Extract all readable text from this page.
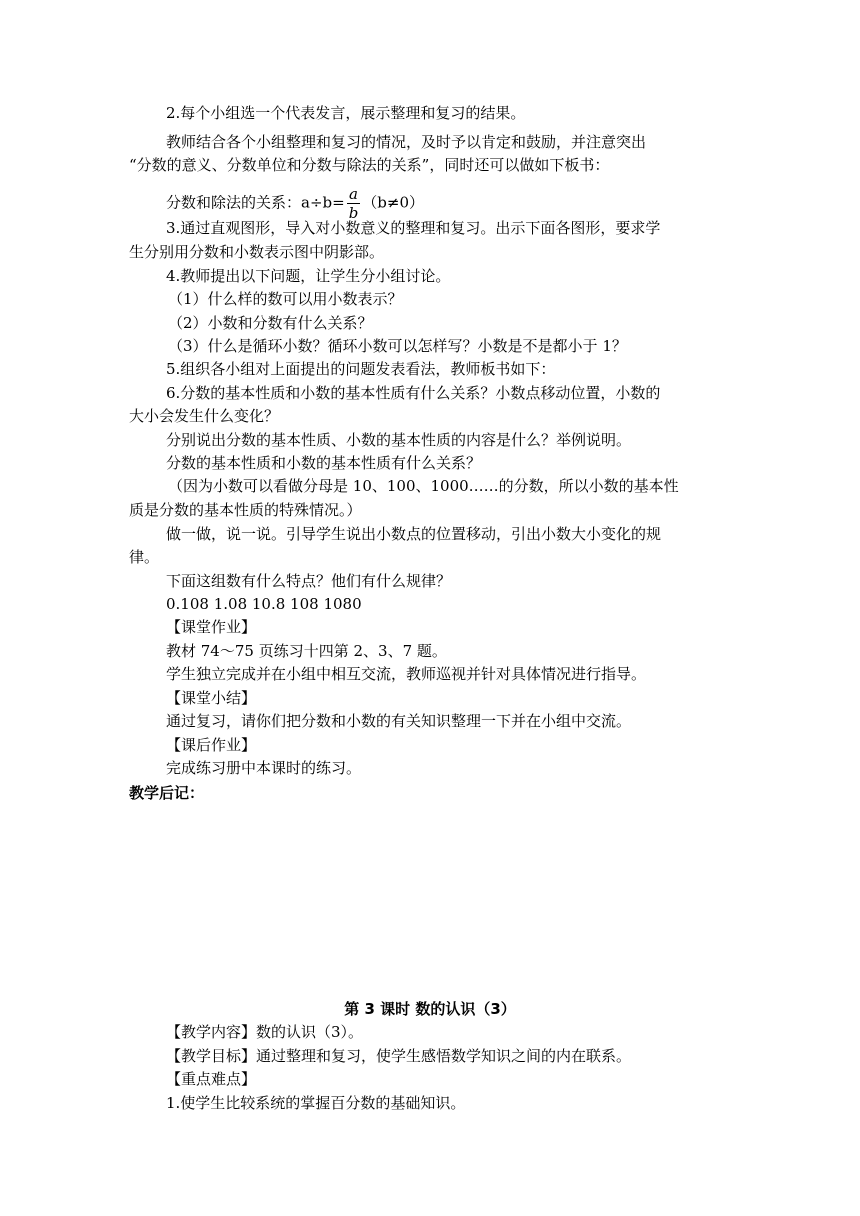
2.每个小组选一个代表发言，展示整理和复习的结果。
教师结合各个小组整理和复习的情况，及时予以肯定和鼓励，并注意突出
“分数的意义、分数单位和分数与除法的关系”，同时还可以做如下板书：
分数和除法的关系：$a\div b= \frac{a}{b} (b\ne 0)$
3.通过直观图形，导入对小数意义的整理和复习。出示下面各图形，要求学
生分别用分数和小数表示图中阴影部。
4.教师提出以下问题，让学生分小组讨论。
（1）什么样的数可以用小数表示？
（2）小数和分数有什么关系？
（3）什么是循环小数？循环小数可以怎样写？小数是不是都小于 1？
5.组织各小组对上面提出的问题发表看法，教师板书如下：
6.分数的基本性质和小数的基本性质有什么关系？小数点移动位置，小数的
大小会发生什么变化？
分别说出分数的基本性质、小数的基本性质的内容是什么？举例说明。
分数的基本性质和小数的基本性质有什么关系？
（因为小数可以看做分母是 10、100、1000……的分数，所以小数的基本性
质是分数的基本性质的特殊情况。）
做一做，说一说。引导学生说出小数点的位置移动，引出小数大小变化的规
律。
下面这组数有什么特点？他们有什么规律？
0.108 1.08 10.8 108 1080
【课堂作业】
教材 74～75 页练习十四第 2、3、7 题。
学生独立完成并在小组中相互交流，教师巡视并针对具体情况进行指导。
【课堂小结】
通过复习，请你们把分数和小数的有关知识整理一下并在小组中交流。
【课后作业】
完成练习册中本课时的练习。
教学后记：
第 3 课时 数的认识（3）
【教学内容】数的认识（3）。
【教学目标】通过整理和复习，使学生感悟数学知识之间的内在联系。
【重点难点】
1.使学生比较系统的掌握百分数的基础知识。
